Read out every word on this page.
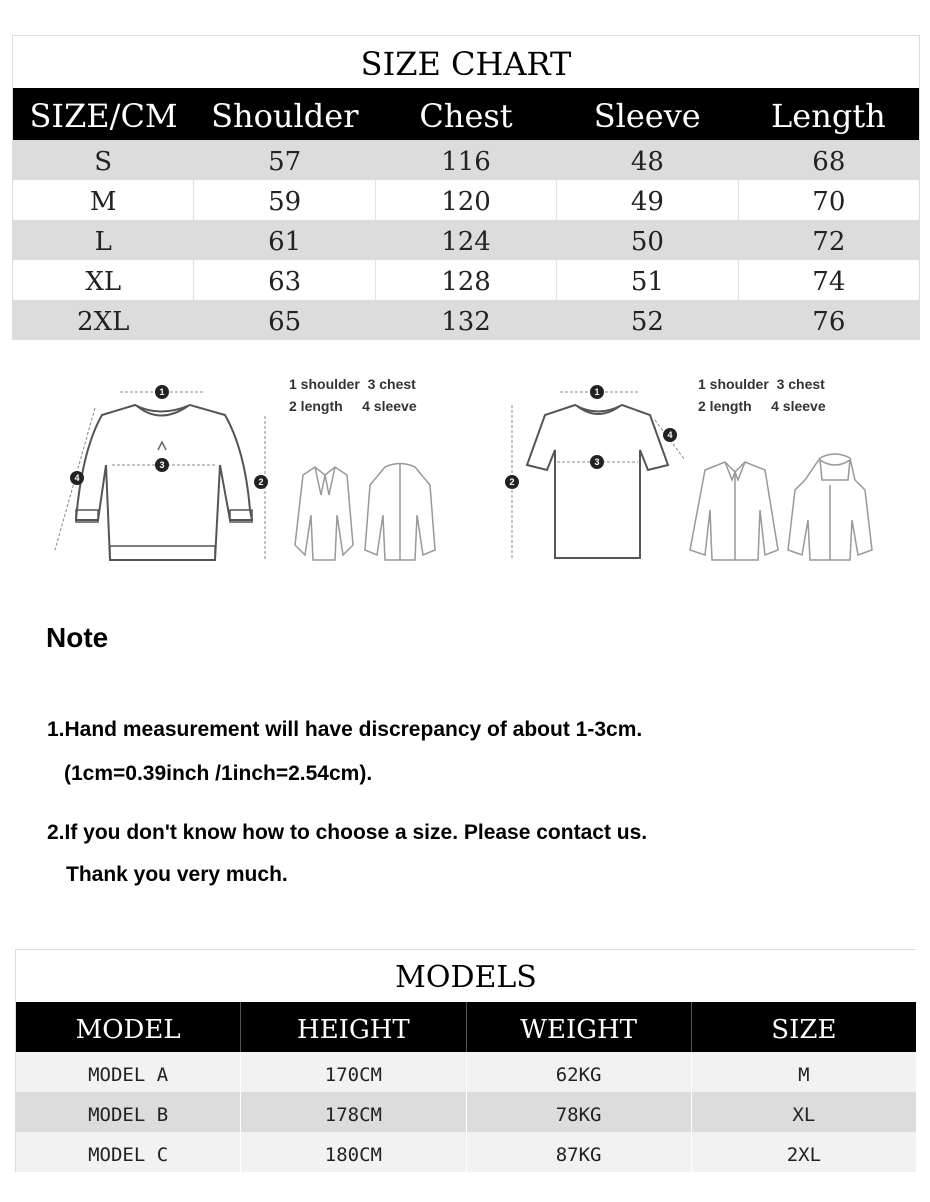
SIZE CHART
SIZE/CM	Shoulder	Chest	Sleeve	Length
S	57	116	48	68
M	59	120	49	70
L	61	124	50	72
XL	63	128	51	74
2XL	65	132	52	76
1
3
2
4
1 shoulder 3 chest
2 length 4 sleeve
1
3
2
4
1 shoulder 3 chest
2 length 4 sleeve
Note
1.Hand measurement will have discrepancy of about 1-3cm.
(1cm=0.39inch /1inch=2.54cm).
2.If you don't know how to choose a size. Please contact us.
Thank you very much.
MODELS
MODEL	HEIGHT	WEIGHT	SIZE
MODEL A	170CM	62KG	M
MODEL B	178CM	78KG	XL
MODEL C	180CM	87KG	2XL
